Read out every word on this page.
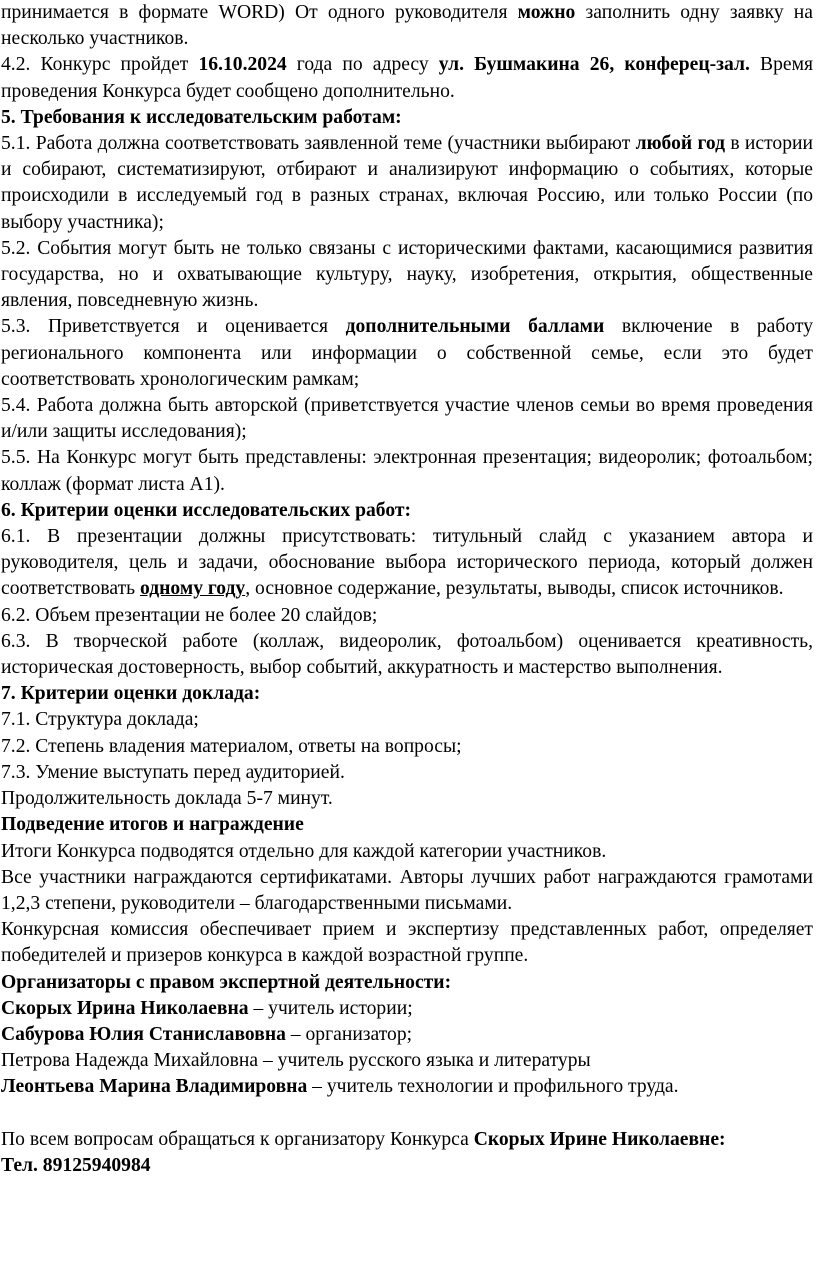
принимается в формате WORD) От одного руководителя можно заполнить одну заявку на несколько участников.

4.2. Конкурс пройдет 16.10.2024 года по адресу ул. Бушмакина 26, конферец-зал. Время проведения Конкурса будет сообщено дополнительно.

5. Требования к исследовательским работам:

5.1. Работа должна соответствовать заявленной теме (участники выбирают любой год в истории и собирают, систематизируют, отбирают и анализируют информацию о событиях, которые происходили в исследуемый год в разных странах, включая Россию, или только России (по выбору участника);

5.2. События могут быть не только связаны с историческими фактами, касающимися развития государства, но и охватывающие культуру, науку, изобретения, открытия, общественные явления, повседневную жизнь.

5.3. Приветствуется и оценивается дополнительными баллами включение в работу регионального компонента или информации о собственной семье, если это будет соответствовать хронологическим рамкам;

5.4. Работа должна быть авторской (приветствуется участие членов семьи во время проведения и/или защиты исследования);

5.5. На Конкурс могут быть представлены: электронная презентация; видеоролик; фотоальбом; коллаж (формат листа А1).

6. Критерии оценки исследовательских работ:

6.1. В презентации должны присутствовать: титульный слайд с указанием автора и руководителя, цель и задачи, обоснование выбора исторического периода, который должен соответствовать одному году, основное содержание, результаты, выводы, список источников.

6.2. Объем презентации не более 20 слайдов;

6.3. В творческой работе (коллаж, видеоролик, фотоальбом) оценивается креативность, историческая достоверность, выбор событий, аккуратность и мастерство выполнения.

7. Критерии оценки доклада:

7.1. Структура доклада;

7.2. Степень владения материалом, ответы на вопросы;

7.3. Умение выступать перед аудиторией.

Продолжительность доклада 5-7 минут.

Подведение итогов и награждение

Итоги Конкурса подводятся отдельно для каждой категории участников.

Все участники награждаются сертификатами. Авторы лучших работ награждаются грамотами 1,2,3 степени, руководители – благодарственными письмами.

Конкурсная комиссия обеспечивает прием и экспертизу представленных работ, определяет победителей и призеров конкурса в каждой возрастной группе.

Организаторы с правом экспертной деятельности:

Скорых Ирина Николаевна – учитель истории;

Сабурова Юлия Станиславовна – организатор;

Петрова Надежда Михайловна – учитель русского языка и литературы

Леонтьева Марина Владимировна – учитель технологии и профильного труда.

По всем вопросам обращаться к организатору Конкурса Скорых Ирине Николаевне:

Тел. 89125940984
